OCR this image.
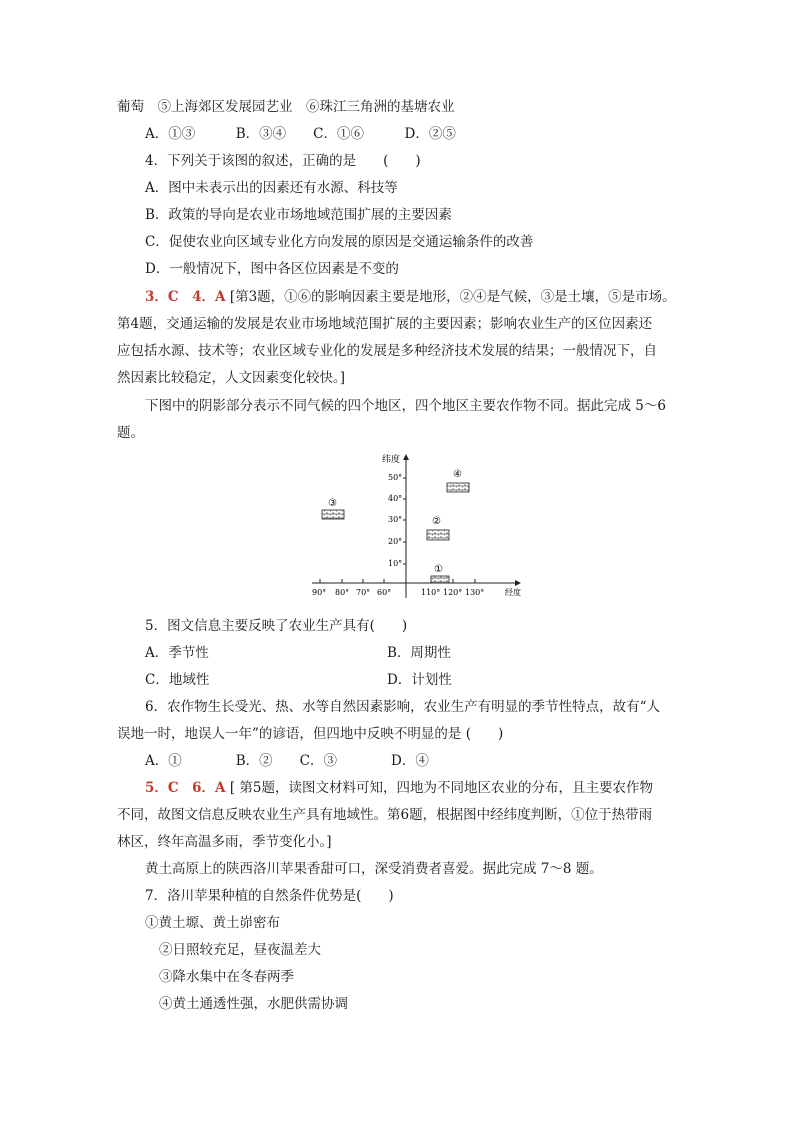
葡萄　⑤上海郊区发展园艺业　⑥珠江三角洲的基塘农业
A．①③　　　B．③④　　C．①⑥　　　D．②⑤
4．下列关于该图的叙述，正确的是　　(　　)
A．图中未表示出的因素还有水源、科技等
B．政策的导向是农业市场地域范围扩展的主要因素
C．促使农业向区域专业化方向发展的原因是交通运输条件的改善
D．一般情况下，图中各区位因素是不变的
3．C　4．A [第3题，①⑥的影响因素主要是地形，②④是气候，③是土壤，⑤是市场。
第4题，交通运输的发展是农业市场地域范围扩展的主要因素；影响农业生产的区位因素还
应包括水源、技术等；农业区域专业化的发展是多种经济技术发展的结果；一般情况下，自
然因素比较稳定，人文因素变化较快。]
下图中的阴影部分表示不同气候的四个地区，四个地区主要农作物不同。据此完成 5～6
题。
纬度
经度
10°
20°
30°
40°
50°
90° 80° 70° 60°	110° 120° 130°
③
④
②
①
5．图文信息主要反映了农业生产具有(　　)
A．季节性	B．周期性
C．地域性	D．计划性
6．农作物生长受光、热、水等自然因素影响，农业生产有明显的季节性特点，故有“人
误地一时，地误人一年”的谚语，但四地中反映不明显的是 (　　)
A．①　　　　B．②　　C．③　　　　D．④
5．C　6．A [ 第5题，读图文材料可知，四地为不同地区农业的分布，且主要农作物
不同，故图文信息反映农业生产具有地域性。第6题，根据图中经纬度判断，①位于热带雨
林区，终年高温多雨，季节变化小。]
黄土高原上的陕西洛川苹果香甜可口，深受消费者喜爱。据此完成 7～8 题。
7．洛川苹果种植的自然条件优势是(　　)
①黄土塬、黄土峁密布
②日照较充足，昼夜温差大
③降水集中在冬春两季
④黄土通透性强，水肥供需协调
